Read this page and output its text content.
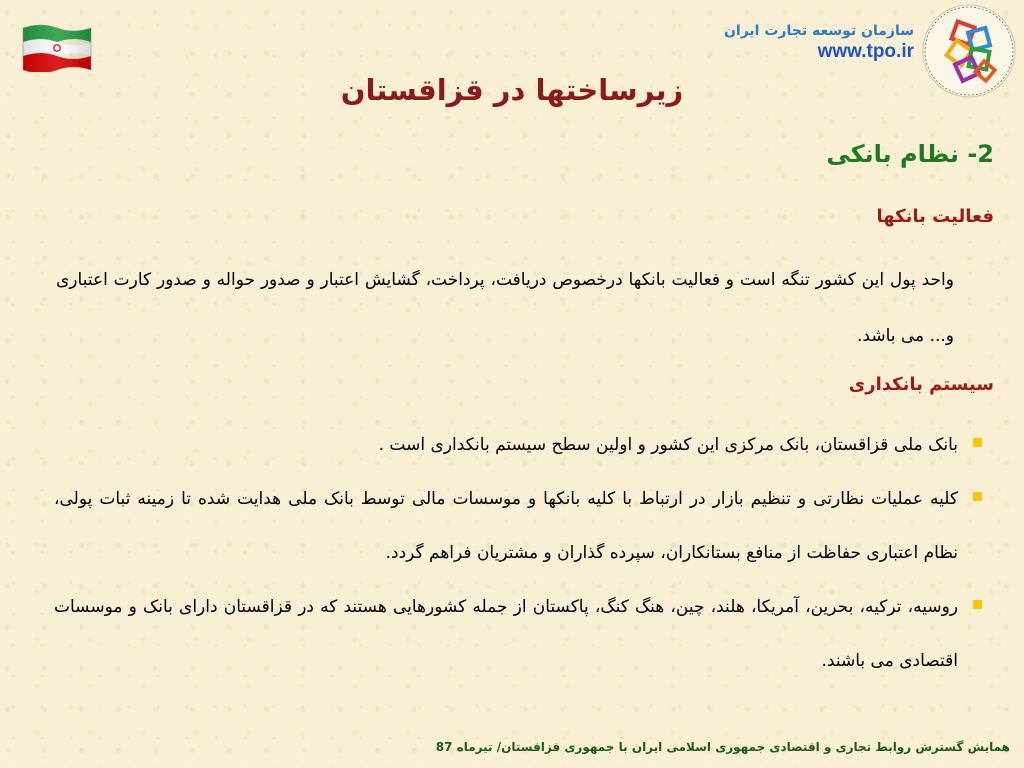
سازمان توسعه تجارت ایران
www.tpo.ir
زیرساختها در قزاقستان
2- نظام بانکی
فعالیت بانکها
واحد پول این کشور تنگه است و فعالیت بانکها درخصوص دریافت، پرداخت، گشایش اعتبار و صدور حواله و صدور کارت اعتباری و... می باشد.
سیستم بانکداری
بانک ملی قزاقستان، بانک مرکزی این کشور و اولین سطح سیستم بانکداری است .
کلیه عملیات نظارتی و تنظیم بازار در ارتباط با کلیه بانکها و موسسات مالی توسط بانک ملی هدایت شده تا زمینه ثبات پولی، نظام اعتباری حفاظت از منافع بستانکاران، سپرده گذاران و مشتریان فراهم گردد.
روسیه، ترکیه، بحرین، آمریکا، هلند، چین، هنگ کنگ، پاکستان از جمله کشورهایی هستند که در قزاقستان دارای بانک و موسسات اقتصادی می باشند.
همایش گسترش روابط تجاری و اقتصادی جمهوری اسلامی ایران با جمهوری قزاقستان/ تیرماه 87
